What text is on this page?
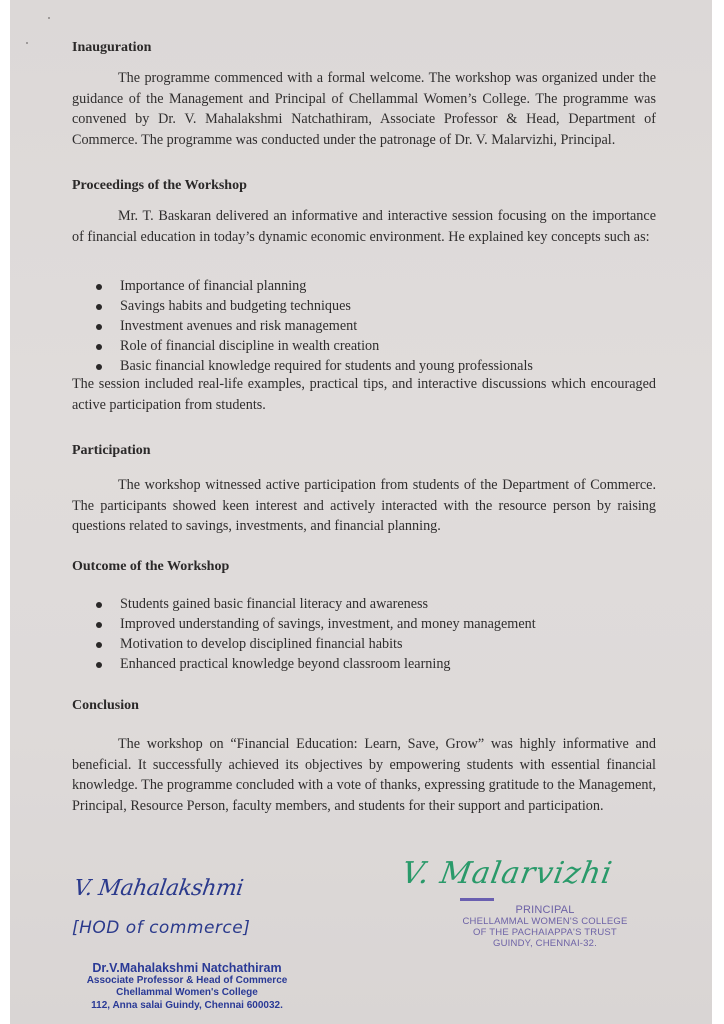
Inauguration
The programme commenced with a formal welcome. The workshop was organized under the guidance of the Management and Principal of Chellammal Women’s College. The programme was convened by Dr. V. Mahalakshmi Natchathiram, Associate Professor & Head, Department of Commerce. The programme was conducted under the patronage of Dr. V. Malarvizhi, Principal.
Proceedings of the Workshop
Mr. T. Baskaran delivered an informative and interactive session focusing on the importance of financial education in today’s dynamic economic environment. He explained key concepts such as:
Importance of financial planning
Savings habits and budgeting techniques
Investment avenues and risk management
Role of financial discipline in wealth creation
Basic financial knowledge required for students and young professionals
The session included real-life examples, practical tips, and interactive discussions which encouraged active participation from students.
Participation
The workshop witnessed active participation from students of the Department of Commerce. The participants showed keen interest and actively interacted with the resource person by raising questions related to savings, investments, and financial planning.
Outcome of the Workshop
Students gained basic financial literacy and awareness
Improved understanding of savings, investment, and money management
Motivation to develop disciplined financial habits
Enhanced practical knowledge beyond classroom learning
Conclusion
The workshop on “Financial Education: Learn, Save, Grow” was highly informative and beneficial. It successfully achieved its objectives by empowering students with essential financial knowledge. The programme concluded with a vote of thanks, expressing gratitude to the Management, Principal, Resource Person, faculty members, and students for their support and participation.
V. Mahalakshmi
[HOD of commerce]
Dr.V.Mahalakshmi Natchathiram
Associate Professor & Head of Commerce
Chellammal Women's College
112, Anna salai Guindy, Chennai 600032.
V. Malarvizhi
PRINCIPAL
CHELLAMMAL WOMEN'S COLLEGE
OF THE PACHAIAPPA'S TRUST
GUINDY, CHENNAI-32.
